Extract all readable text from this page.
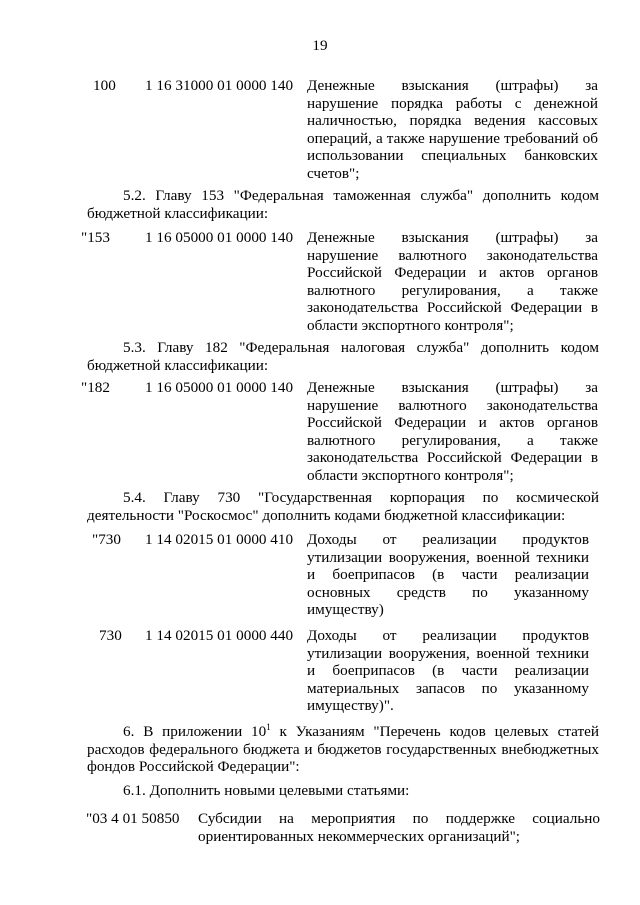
19
100 1 16 31000 01 0000 140 Денежные взыскания (штрафы) за
нарушение порядка работы с денежной
наличностью, порядка ведения кассовых
операций, а также нарушение требований об
использовании специальных банковских
счетов";
5.2. Главу 153 "Федеральная таможенная служба" дополнить кодом
бюджетной классификации:
"153 1 16 05000 01 0000 140 Денежные взыскания (штрафы) за
нарушение валютного законодательства
Российской Федерации и актов органов
валютного регулирования, а также
законодательства Российской Федерации в
области экспортного контроля";
5.3. Главу 182 "Федеральная налоговая служба" дополнить кодом
бюджетной классификации:
"182 1 16 05000 01 0000 140 Денежные взыскания (штрафы) за
нарушение валютного законодательства
Российской Федерации и актов органов
валютного регулирования, а также
законодательства Российской Федерации в
области экспортного контроля";
5.4. Главу 730 "Государственная корпорация по космической
деятельности "Роскосмос" дополнить кодами бюджетной классификации:
"730 1 14 02015 01 0000 410 Доходы от реализации продуктов
утилизации вооружения, военной техники
и боеприпасов (в части реализации
основных средств по указанному
имуществу)
730 1 14 02015 01 0000 440 Доходы от реализации продуктов
утилизации вооружения, военной техники
и боеприпасов (в части реализации
материальных запасов по указанному
имуществу)".
6. В приложении $10^1$ к Указаниям "Перечень кодов целевых статей
расходов федерального бюджета и бюджетов государственных внебюджетных
фондов Российской Федерации":
6.1. Дополнить новыми целевыми статьями:
"03 4 01 50850 Субсидии на мероприятия по поддержке социально
ориентированных некоммерческих организаций";
